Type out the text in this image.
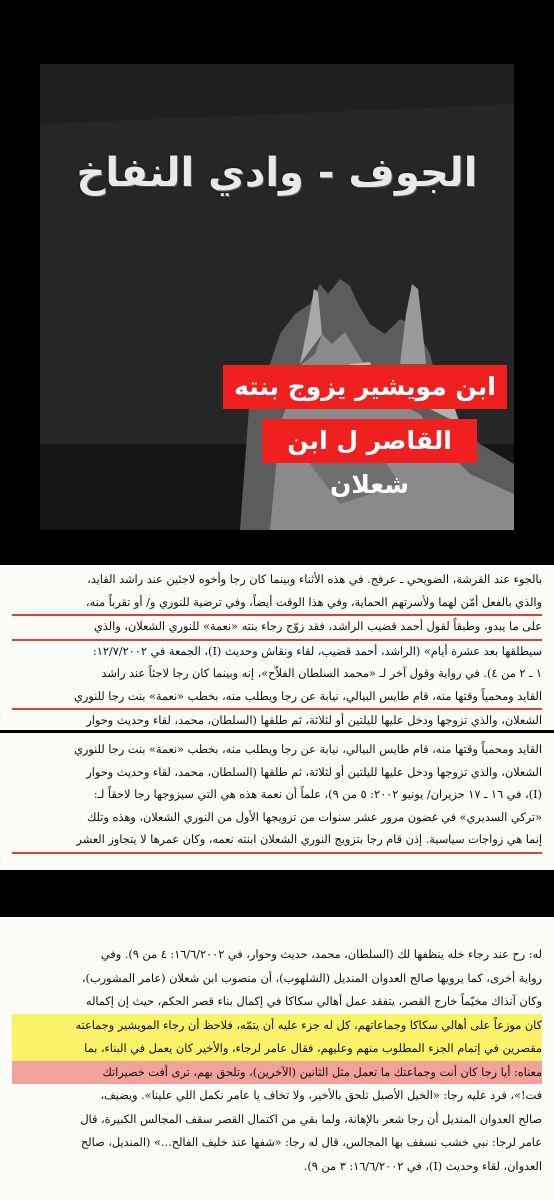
الجوف - وادي النفاخ
ابن مويشير يزوج بنته
القاصر ل ابن شعلان

بالجوء عند القرشة، الضويحي ـ عرفج. في هذه الأثناء وبينما كان رجا وأخوه لاجئين عند راشد القايد،
والذي بالفعل أمّن لهما ولأسرتهم الحماية، وفي هذا الوقت أيضاً، وفي ترضية للنوري و/ أو تقرباً منه،
على ما يبدو، وطبقاً لقول أحمد قضيب الراشد، فقد زوّج رجاء بنته «نعمة» للنوري الشعلان، والذي
سيطلقها بعد عشرة أيام» (الراشد، أحمد قضيب، لقاء ونقاش وحديث (I)، الجمعة في ١٢/٧/٢٠٠٢:
١ ـ ٢ من ٤). في رواية وقول آخر لـ «محمد السلطان الفلاّح»، إنه وبينما كان رجا لاجئاً عند راشد
القايد ومحمياً وقتها منه، قام طايس البيالي، نيابة عن رجا ويطلب منه، بخطب «نعمة» بنت رجا للنوري
الشعلان، والذي تزوجها ودخل عليها لليلتين أو لثلاثة، ثم طلقها (السلطان، محمد، لقاء وحديث وحوار

القايد ومحمياً وقتها منه، قام طايس البيالي، نيابة عن رجا ويطلب منه، بخطب «نعمة» بنت رجا للنوري
الشعلان، والذي تزوجها ودخل عليها لليلتين أو لثلاثة، ثم طلقها (السلطان، محمد، لقاء وحديث وحوار
(I)، في ١٦ ـ ١٧ حزيران/ يونيو ٢٠٠٢: ٥ من ٩)، علماً أن نعمة هذه هي التي سيزوجها رجا لاحقاً لـ:
«تركي السديري» في غضون مرور عشر سنوات من تزويجها الأول من النوري الشعلان، وهذه وتلك
إنما هي زواجات سياسية. إذن قام رجا بتزويج النوري الشعلان ابنته نعمه، وكان عمرها لا يتجاوز العشر

له: رح عند رجاء خله ينظفها لك (السلطان، محمد، حديث وحوار، في ١٦/٦/٢٠٠٢: ٤ من ٩). وفي
رواية أخرى، كما يرويها صالح العدوان المنديل (الشلهوب)، أن منصوب ابن شعلان (عامر المشورب)،
وكان آنذاك مخيّماً خارج القصر، يتفقد عمل أهالي سكاكا في إكمال بناء قصر الحكم، حيث إن إكماله
كان موزعاً على أهالي سكاكا وجماعاتهم، كل له جزء عليه أن يتمّه، فلاحظ أن رجاء المويشير وجماعته
مقصرين في إتمام الجزء المطلوب منهم وعليهم، فقال عامر لرجاء، والأخير كان يعمل في البناء، بما
معناه: أيا رجا كان أنت وجماعتك ما تعمل مثل الثانين (الآخرين)، وتلحق بهم، ترى أفت خصيراتك
فت!»، فرد عليه رجا: «الخيل الأصيل تلحق بالأخير، ولا تخاف يا عامر نكمل اللي علينا». ويضيف،
صالح العدوان المنديل أن رجا شعر بالإهانة، ولما بقي من اكتمال القصر سقف المجالس الكبيرة، قال
عامر لرجا: نبي خشب نسقف بها المجالس، قال له رجا: «شفها عند خليف الفالح...» (المنديل، صالح
العدوان، لقاء وحديث (I)، في ١٦/٦/٢٠٠٢: ٣ من ٩).
